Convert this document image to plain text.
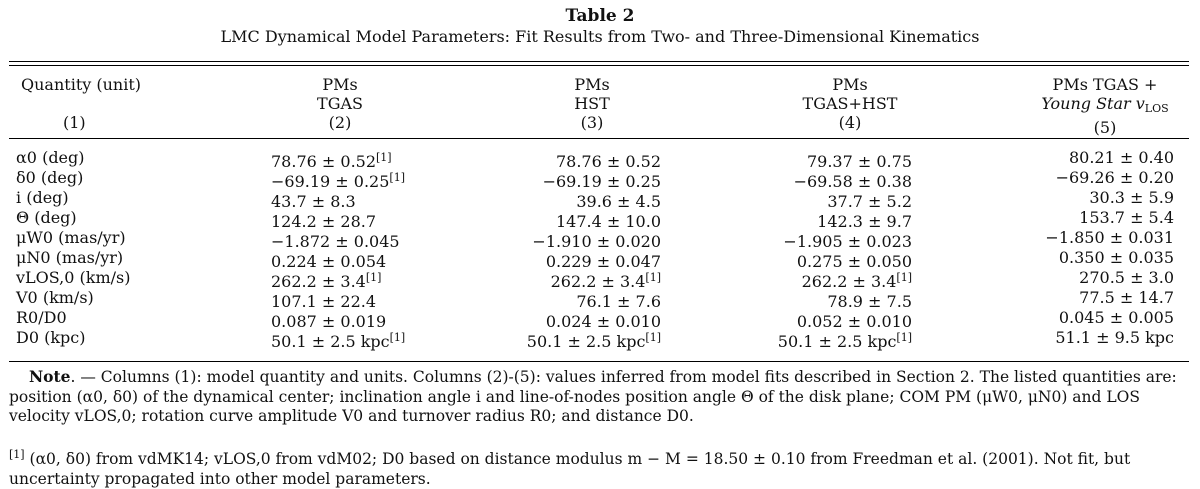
Table 2
LMC Dynamical Model Parameters: Fit Results from Two- and Three-Dimensional Kinematics
Quantity (unit)

(1)
PMs
TGAS
(2)
PMs
HST
(3)
PMs
TGAS+HST
(4)
PMs TGAS +
Young Star $v_{LOS}$
(5)
α0 (deg)	78.76 ± 0.52[1]	78.76 ± 0.52	79.37 ± 0.75	80.21 ± 0.40
δ0 (deg)	−69.19 ± 0.25[1]	−69.19 ± 0.25	−69.58 ± 0.38	−69.26 ± 0.20
i (deg)	43.7 ± 8.3	39.6 ± 4.5	37.7 ± 5.2	30.3 ± 5.9
Θ (deg)	124.2 ± 28.7	147.4 ± 10.0	142.3 ± 9.7	153.7 ± 5.4
μW0 (mas/yr)	−1.872 ± 0.045	−1.910 ± 0.020	−1.905 ± 0.023	−1.850 ± 0.031
μN0 (mas/yr)	0.224 ± 0.054	0.229 ± 0.047	0.275 ± 0.050	0.350 ± 0.035
vLOS,0 (km/s)	262.2 ± 3.4[1]	262.2 ± 3.4[1]	262.2 ± 3.4[1]	270.5 ± 3.0
V0 (km/s)	107.1 ± 22.4	76.1 ± 7.6	78.9 ± 7.5	77.5 ± 14.7
R0/D0	0.087 ± 0.019	0.024 ± 0.010	0.052 ± 0.010	0.045 ± 0.005
D0 (kpc)	50.1 ± 2.5 kpc[1]	50.1 ± 2.5 kpc[1]	50.1 ± 2.5 kpc[1]	51.1 ± 9.5 kpc
Note. — Columns (1): model quantity and units. Columns (2)-(5): values inferred from model fits described in Section 2. The listed quantities are: position (α0, δ0) of the dynamical center; inclination angle i and line-of-nodes position angle Θ of the disk plane; COM PM (μW0, μN0) and LOS velocity vLOS,0; rotation curve amplitude V0 and turnover radius R0; and distance D0.
[1] (α0, δ0) from vdMK14; vLOS,0 from vdM02; D0 based on distance modulus m − M = 18.50 ± 0.10 from Freedman et al. (2001). Not fit, but uncertainty propagated into other model parameters.
